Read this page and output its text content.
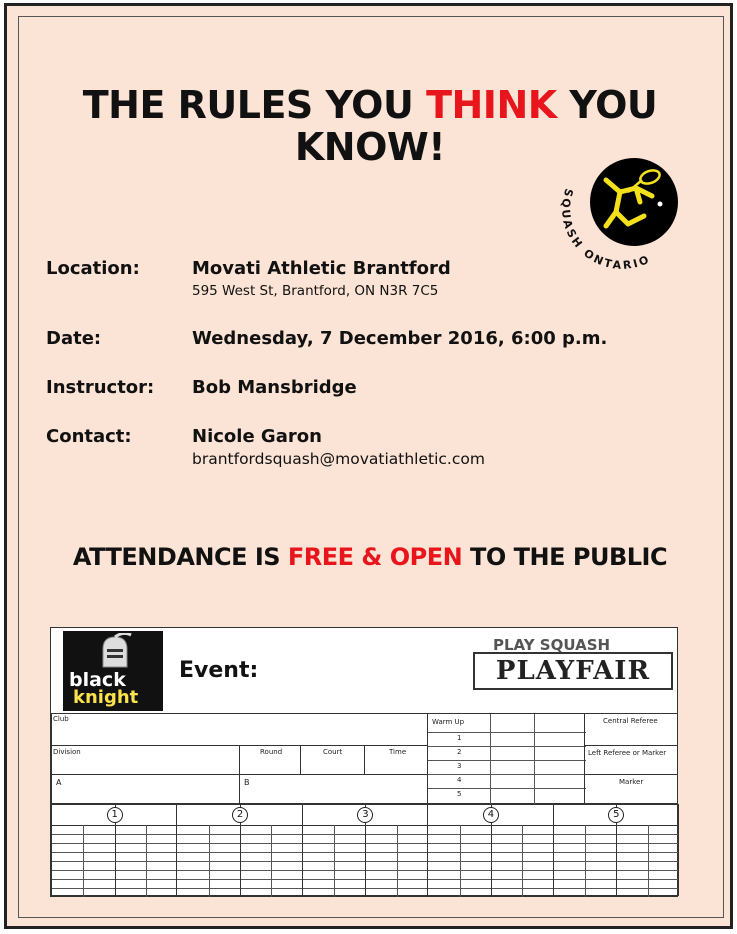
THE RULES YOU THINK YOU
KNOW!
SQUASH ONTARIO
Location:	Movati Athletic Brantford
595 West St, Brantford, ON N3R 7C5
Date:	Wednesday, 7 December 2016, 6:00 p.m.
Instructor: Bob Mansbridge
Contact:	Nicole Garon
brantfordsquash@movatiathletic.com
ATTENDANCE IS FREE & OPEN TO THE PUBLIC
black
knight
Event:
PLAY SQUASH
PLAYFAIR
Club
Division	Round	Court	Time
A	B
Warm Up
1
2
3
4
5
Central Referee
Left Referee or Marker
Marker
1	2	3	4	5
